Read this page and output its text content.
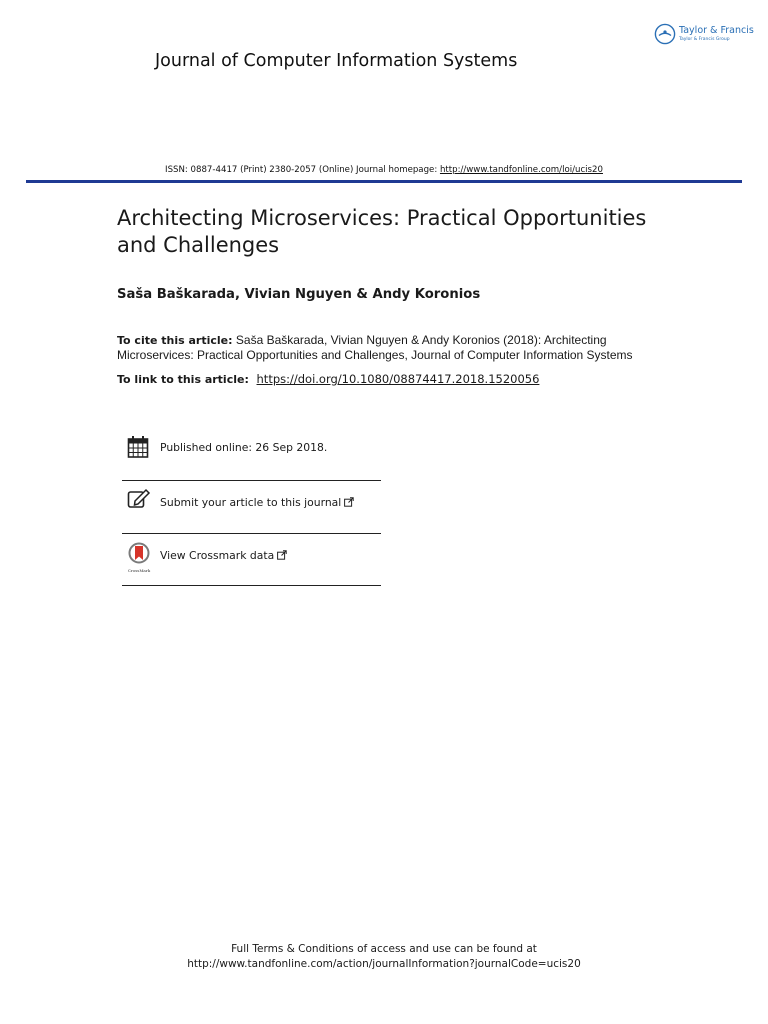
Taylor & Francis
Taylor & Francis Group
Journal of Computer Information Systems
ISSN: 0887-4417 (Print) 2380-2057 (Online) Journal homepage: http://www.tandfonline.com/loi/ucis20
Architecting Microservices: Practical Opportunities and Challenges
Saša Baškarada, Vivian Nguyen & Andy Koronios
To cite this article: Saša Baškarada, Vivian Nguyen & Andy Koronios (2018): Architecting Microservices: Practical Opportunities and Challenges, Journal of Computer Information Systems
To link to this article: https://doi.org/10.1080/08874417.2018.1520056
Published online: 26 Sep 2018.
Submit your article to this journal
CrossMark
View Crossmark data
Full Terms & Conditions of access and use can be found at
http://www.tandfonline.com/action/journalInformation?journalCode=ucis20
